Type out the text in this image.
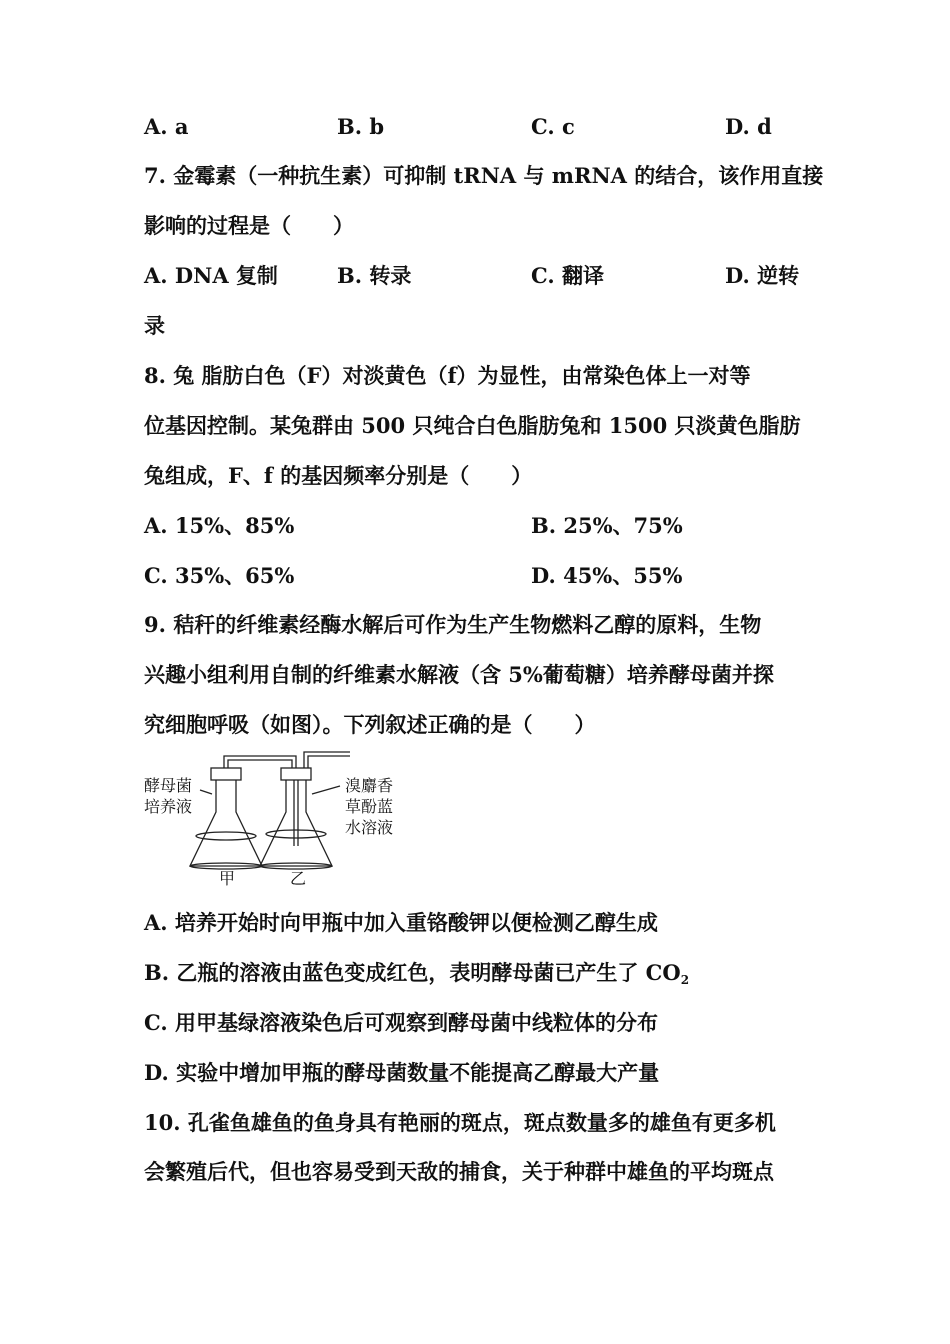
A. a	B. b	C. c	D. d
7. 金霉素（一种抗生素）可抑制 tRNA 与 mRNA 的结合，该作用直接
影响的过程是（　　）
A. DNA 复制	B. 转录	C. 翻译	D. 逆转
录
8. 兔 脂肪白色（F）对淡黄色（f）为显性，由常染色体上一对等
位基因控制。某兔群由 500 只纯合白色脂肪兔和 1500 只淡黄色脂肪
兔组成，F、f 的基因频率分别是（　　）
A. 15%、85%	B. 25%、75%
C. 35%、65%	D. 45%、55%
9. 秸秆的纤维素经酶水解后可作为生产生物燃料乙醇的原料，生物
兴趣小组利用自制的纤维素水解液（含 5%葡萄糖）培养酵母菌并探
究细胞呼吸（如图）。下列叙述正确的是（　　）
酵母菌
培养液
溴麝香
草酚蓝
水溶液
甲	乙
A. 培养开始时向甲瓶中加入重铬酸钾以便检测乙醇生成
B. 乙瓶的溶液由蓝色变成红色，表明酵母菌已产生了 $CO_2$
C. 用甲基绿溶液染色后可观察到酵母菌中线粒体的分布
D. 实验中增加甲瓶的酵母菌数量不能提高乙醇最大产量
10. 孔雀鱼雄鱼的鱼身具有艳丽的斑点，斑点数量多的雄鱼有更多机
会繁殖后代，但也容易受到天敌的捕食，关于种群中雄鱼的平均斑点
